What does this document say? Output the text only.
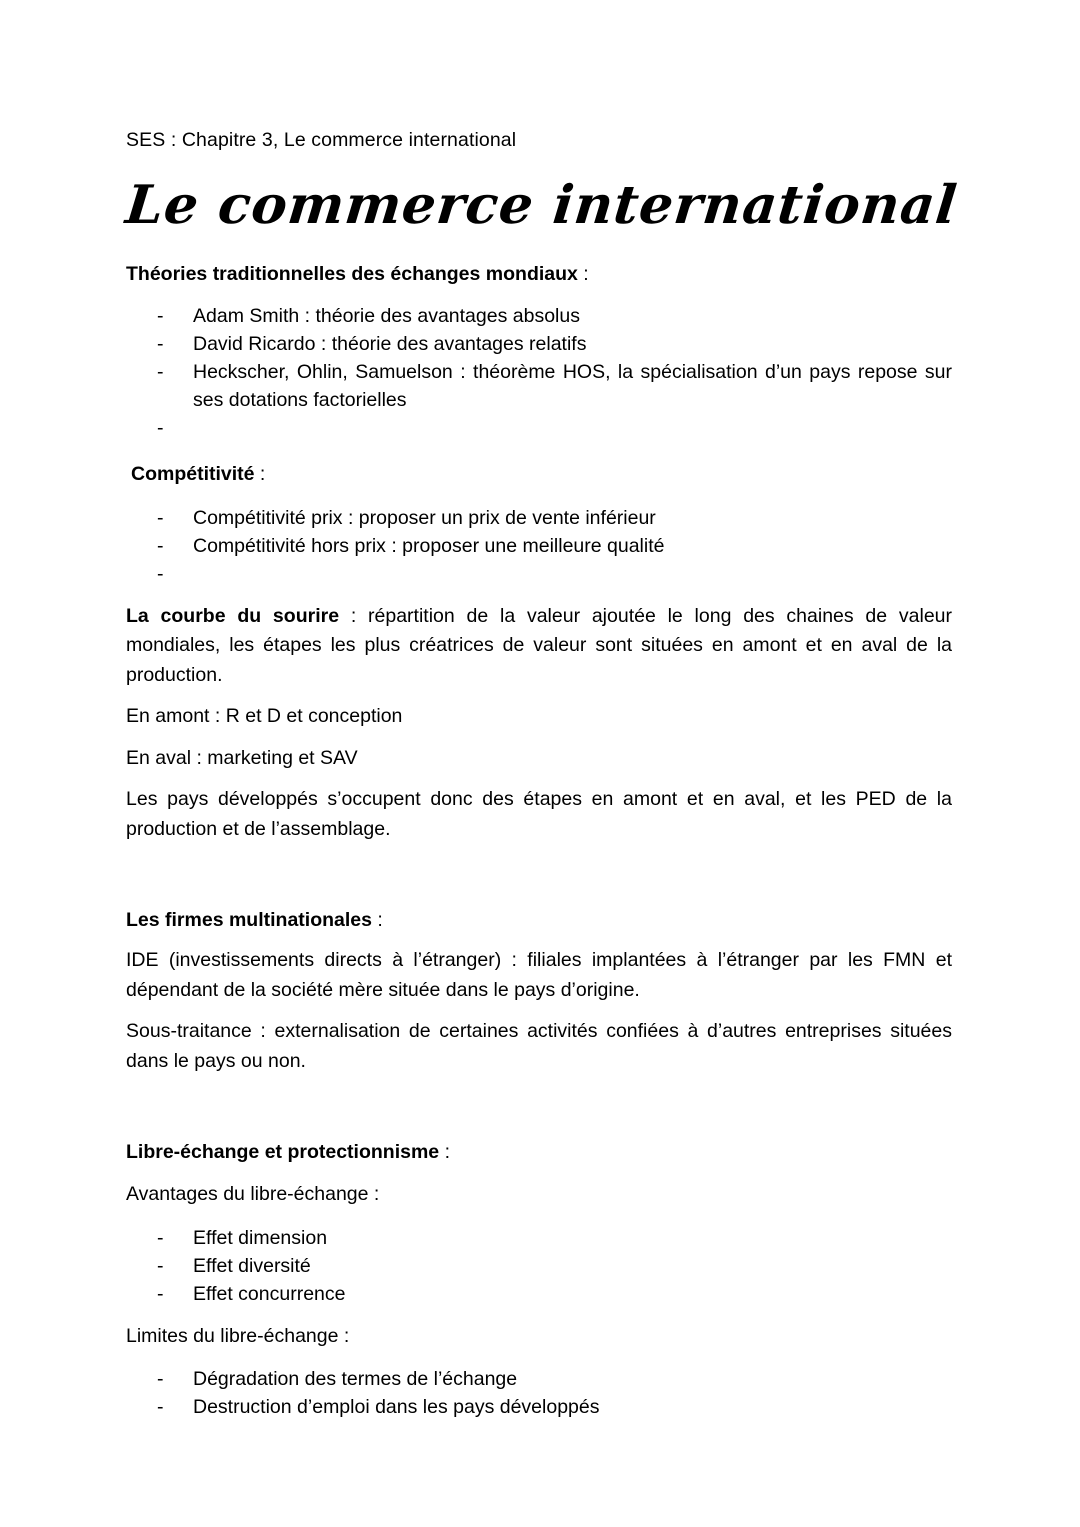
SES : Chapitre 3, Le commerce international

Le commerce international

Théories traditionnelles des échanges mondiaux :

- Adam Smith : théorie des avantages absolus
- David Ricardo : théorie des avantages relatifs
- Heckscher, Ohlin, Samuelson : théorème HOS, la spécialisation d’un pays repose sur ses dotations factorielles
-

Compétitivité :

- Compétitivité prix : proposer un prix de vente inférieur
- Compétitivité hors prix : proposer une meilleure qualité
-

La courbe du sourire : répartition de la valeur ajoutée le long des chaines de valeur mondiales, les étapes les plus créatrices de valeur sont situées en amont et en aval de la production.

En amont : R et D et conception

En aval : marketing et SAV

Les pays développés s’occupent donc des étapes en amont et en aval, et les PED de la production et de l’assemblage.

Les firmes multinationales :

IDE (investissements directs à l’étranger) : filiales implantées à l’étranger par les FMN et dépendant de la société mère située dans le pays d’origine.

Sous-traitance : externalisation de certaines activités confiées à d’autres entreprises situées dans le pays ou non.

Libre-échange et protectionnisme :

Avantages du libre-échange :

- Effet dimension
- Effet diversité
- Effet concurrence

Limites du libre-échange :

- Dégradation des termes de l’échange
- Destruction d’emploi dans les pays développés
